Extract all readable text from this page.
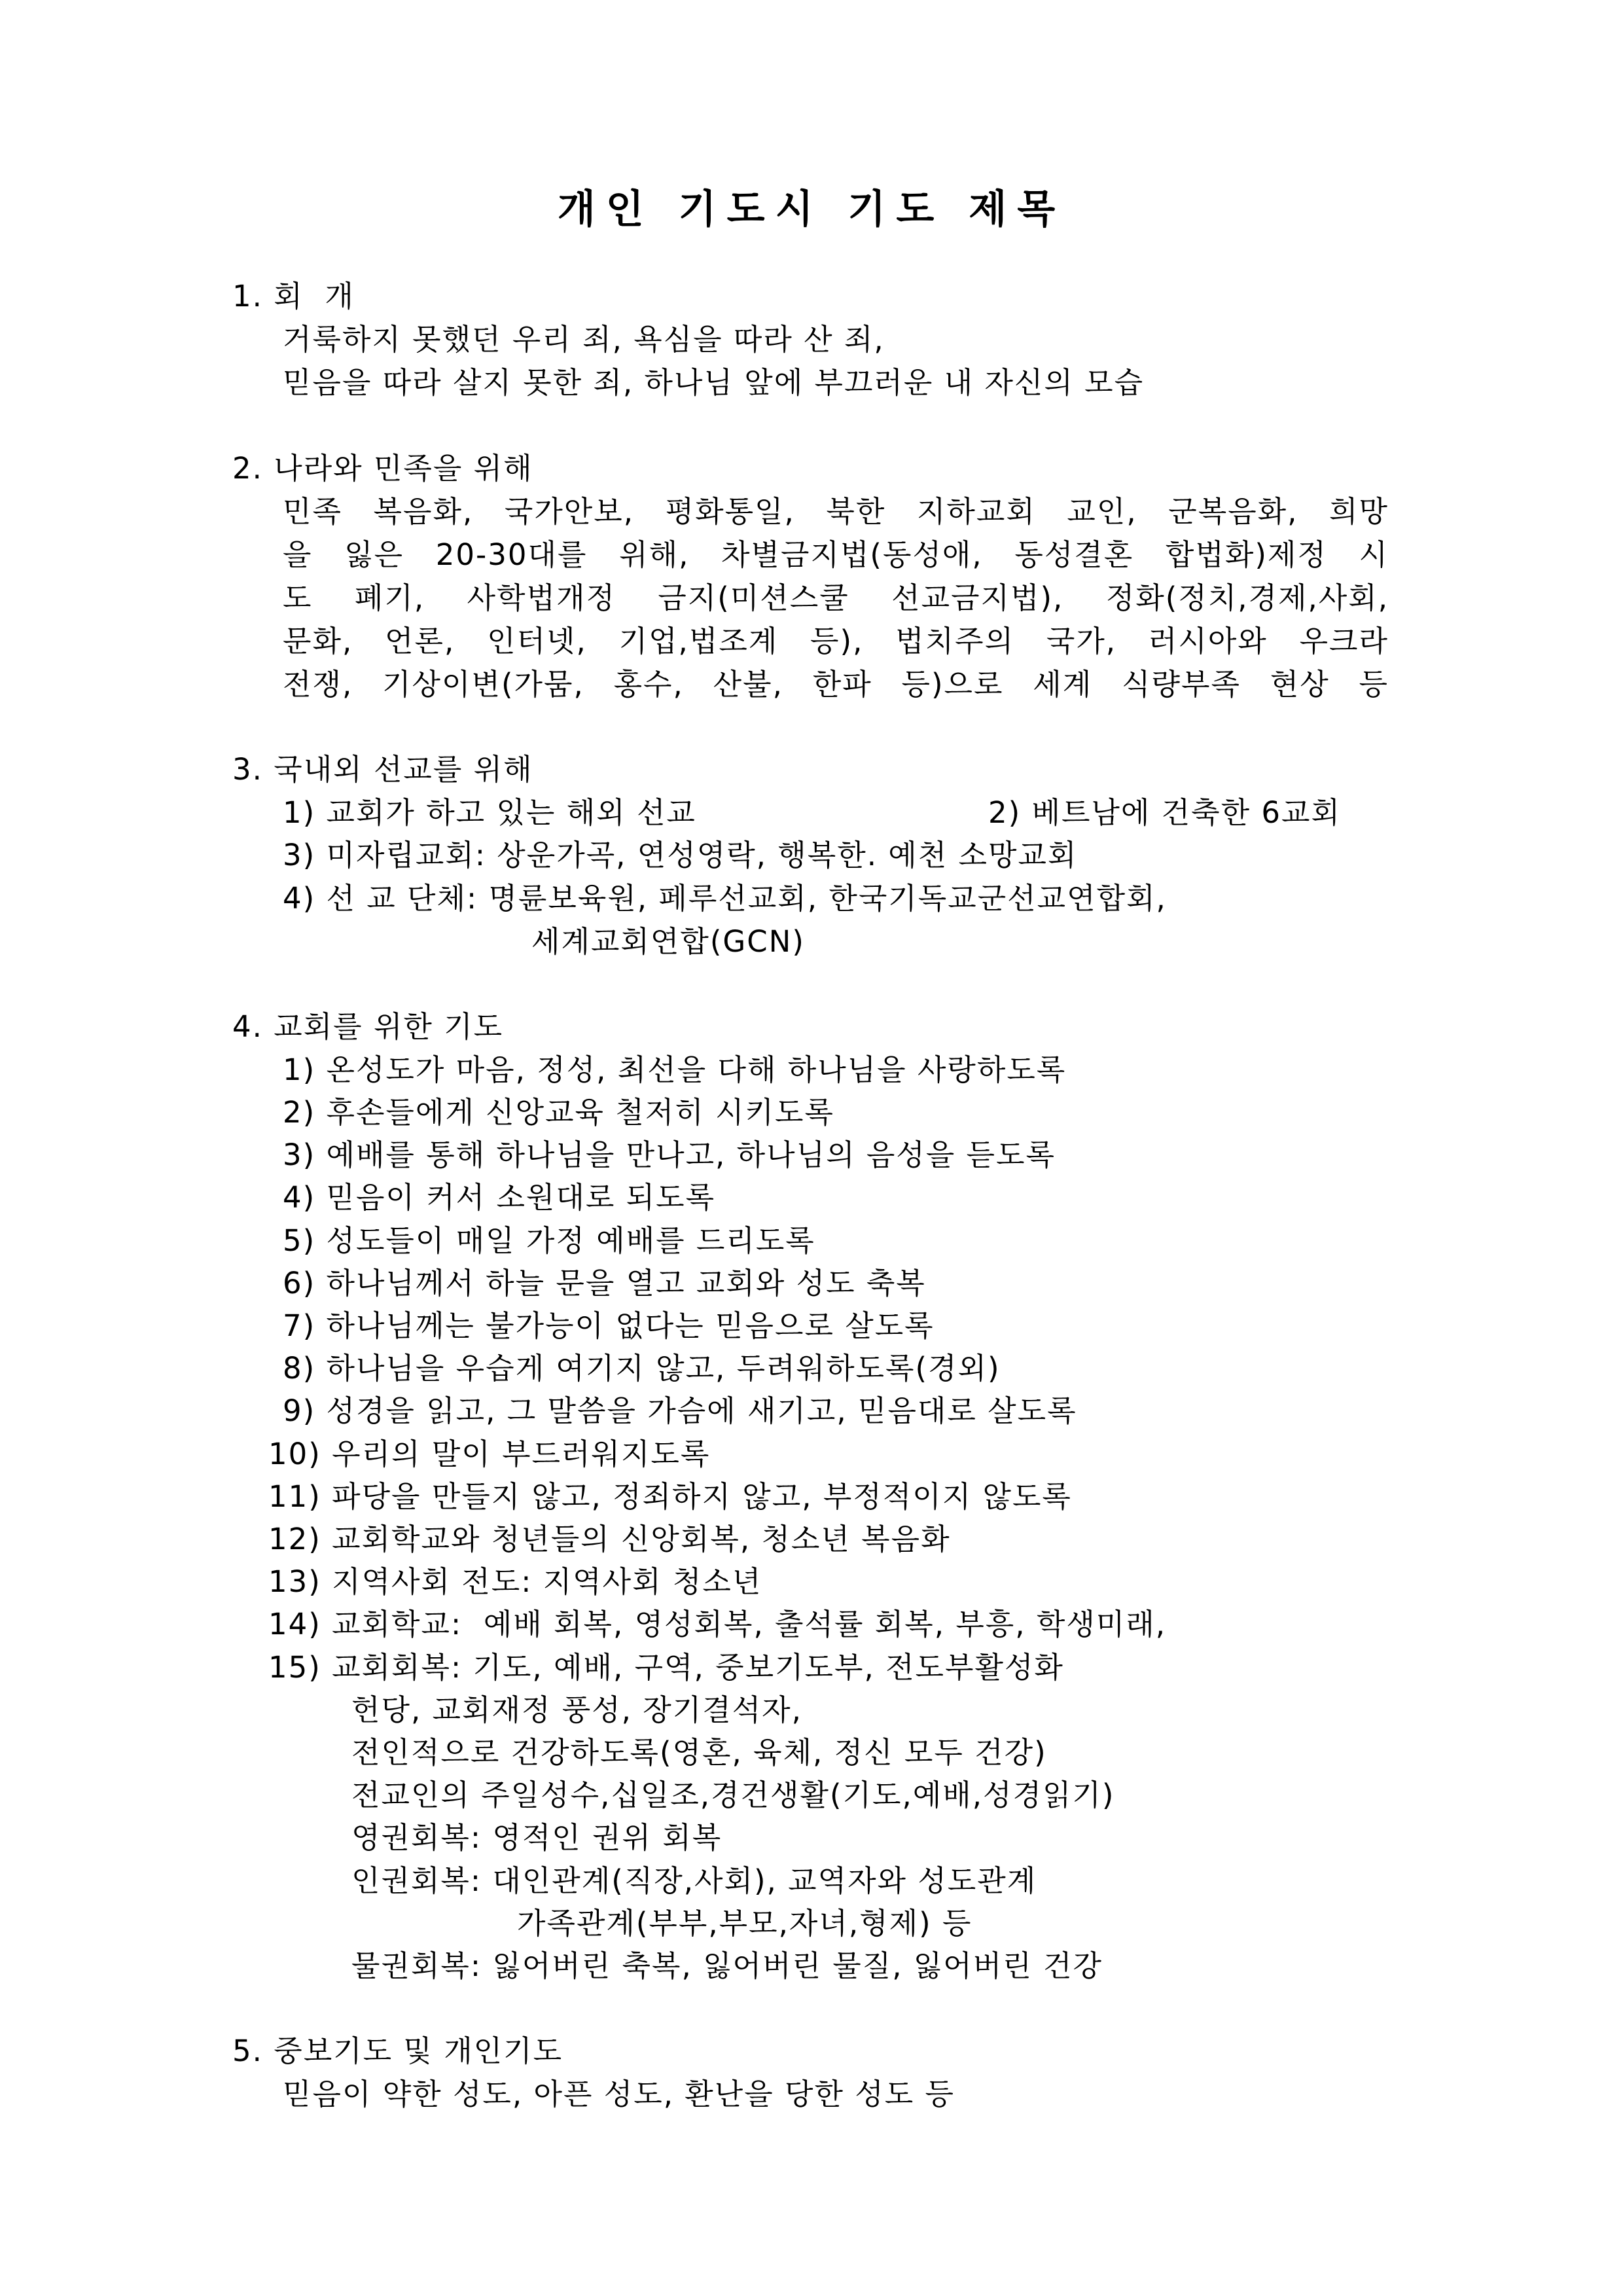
개인 기도시 기도 제목
1. 회  개
거룩하지 못했던 우리 죄, 욕심을 따라 산 죄,
믿음을 따라 살지 못한 죄, 하나님 앞에 부끄러운 내 자신의 모습
2. 나라와 민족을 위해
민족 복음화, 국가안보, 평화통일, 북한 지하교회 교인, 군복음화, 희망
을 잃은 20-30대를 위해, 차별금지법(동성애, 동성결혼 합법화)제정 시
도 폐기, 사학법개정 금지(미션스쿨 선교금지법), 정화(정치,경제,사회,
문화, 언론, 인터넷, 기업,법조계 등), 법치주의 국가, 러시아와 우크라
전쟁, 기상이변(가뭄, 홍수, 산불, 한파 등)으로 세계 식량부족 현상 등
3. 국내외 선교를 위해
1) 교회가 하고 있는 해외 선교	2) 베트남에 건축한 6교회
3) 미자립교회: 상운가곡, 연성영락, 행복한. 예천 소망교회
4) 선 교 단체: 명륜보육원, 페루선교회, 한국기독교군선교연합회,
세계교회연합(GCN)
4. 교회를 위한 기도
1) 온성도가 마음, 정성, 최선을 다해 하나님을 사랑하도록
2) 후손들에게 신앙교육 철저히 시키도록
3) 예배를 통해 하나님을 만나고, 하나님의 음성을 듣도록
4) 믿음이 커서 소원대로 되도록
5) 성도들이 매일 가정 예배를 드리도록
6) 하나님께서 하늘 문을 열고 교회와 성도 축복
7) 하나님께는 불가능이 없다는 믿음으로 살도록
8) 하나님을 우습게 여기지 않고, 두려워하도록(경외)
9) 성경을 읽고, 그 말씀을 가슴에 새기고, 믿음대로 살도록
10) 우리의 말이 부드러워지도록
11) 파당을 만들지 않고, 정죄하지 않고, 부정적이지 않도록
12) 교회학교와 청년들의 신앙회복, 청소년 복음화
13) 지역사회 전도: 지역사회 청소년
14) 교회학교:  예배 회복, 영성회복, 출석률 회복, 부흥, 학생미래,
15) 교회회복: 기도, 예배, 구역, 중보기도부, 전도부활성화
헌당, 교회재정 풍성, 장기결석자,
전인적으로 건강하도록(영혼, 육체, 정신 모두 건강)
전교인의 주일성수,십일조,경건생활(기도,예배,성경읽기)
영권회복: 영적인 권위 회복
인권회복: 대인관계(직장,사회), 교역자와 성도관계
가족관계(부부,부모,자녀,형제) 등
물권회복: 잃어버린 축복, 잃어버린 물질, 잃어버린 건강
5. 중보기도 및 개인기도
믿음이 약한 성도, 아픈 성도, 환난을 당한 성도 등
